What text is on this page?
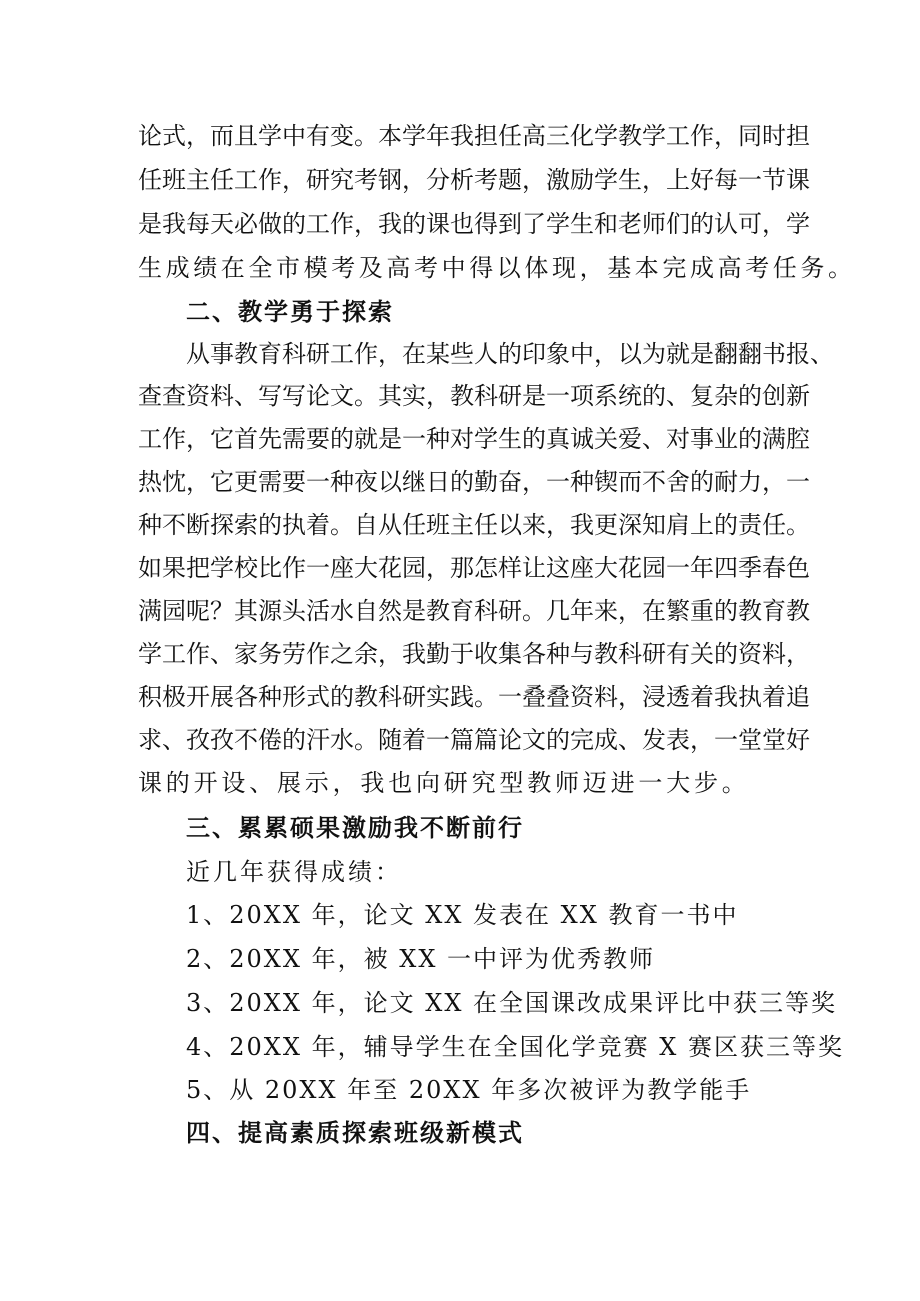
论式，而且学中有变。本学年我担任高三化学教学工作，同时担
任班主任工作，研究考钢，分析考题，激励学生，上好每一节课
是我每天必做的工作，我的课也得到了学生和老师们的认可，学
生成绩在全市模考及高考中得以体现，基本完成高考任务。
二、教学勇于探索
从事教育科研工作，在某些人的印象中，以为就是翻翻书报、
查查资料、写写论文。其实，教科研是一项系统的、复杂的创新
工作，它首先需要的就是一种对学生的真诚关爱、对事业的满腔
热忱，它更需要一种夜以继日的勤奋，一种锲而不舍的耐力，一
种不断探索的执着。自从任班主任以来，我更深知肩上的责任。
如果把学校比作一座大花园，那怎样让这座大花园一年四季春色
满园呢？其源头活水自然是教育科研。几年来，在繁重的教育教
学工作、家务劳作之余，我勤于收集各种与教科研有关的资料，
积极开展各种形式的教科研实践。一叠叠资料，浸透着我执着追
求、孜孜不倦的汗水。随着一篇篇论文的完成、发表，一堂堂好
课的开设、展示，我也向研究型教师迈进一大步。
三、累累硕果激励我不断前行
近几年获得成绩：
1、20XX 年，论文 XX 发表在 XX 教育一书中
2、20XX 年，被 XX 一中评为优秀教师
3、20XX 年，论文 XX 在全国课改成果评比中获三等奖
4、20XX 年，辅导学生在全国化学竞赛 X 赛区获三等奖
5、从 20XX 年至 20XX 年多次被评为教学能手
四、提高素质探索班级新模式
